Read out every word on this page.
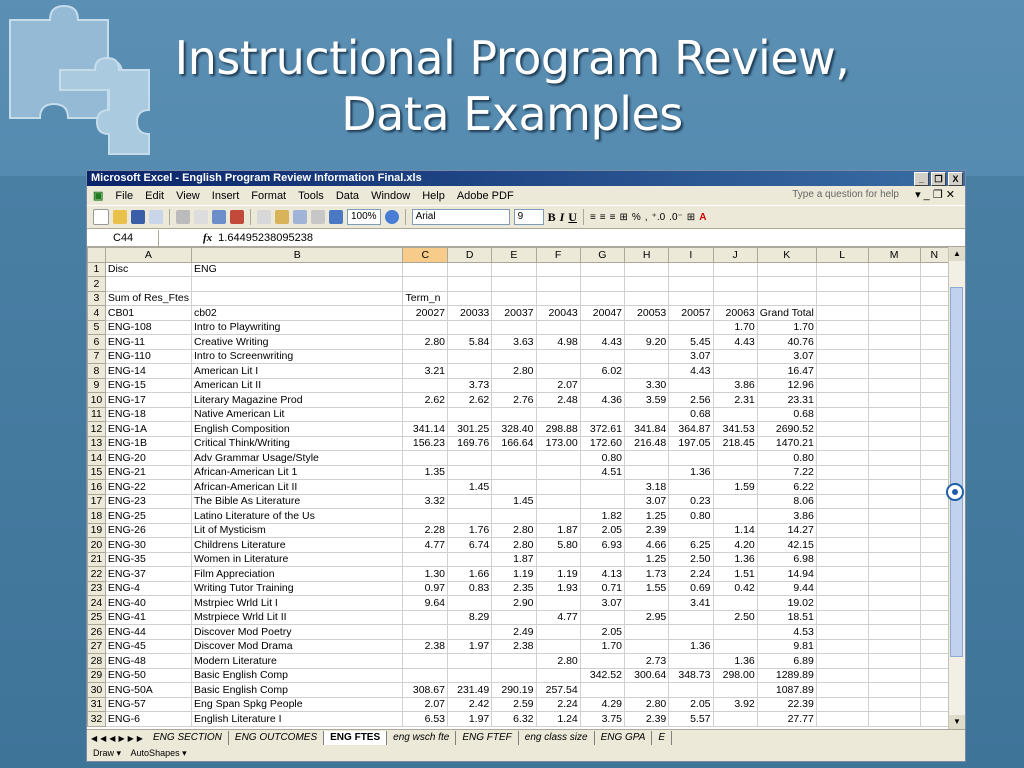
Instructional Program Review,
Data Examples
Microsoft Excel - English Program Review Information Final.xls	_	❐	X
▣	File	Edit	View	Insert	Format	Tools	Data	Window	Help	Adobe PDF	Type a question for help	▾ _ ❐ ✕
100%	Arial	9	B I U ≡ ≡ ≡ ⊞ % , ⁺.0 .0⁻ ⊞ A
C44	fx 1.64495238095238
	A	B	C	D	E	F	G	H	I	J	K	L	M	N
1	Disc	ENG												
2														
3	Sum of Res_Ftes		Term_n											
4	CB01	cb02	20027	20033	20037	20043	20047	20053	20057	20063	Grand Total			
5	ENG-108	Intro to Playwriting								1.70	1.70			
6	ENG-11	Creative Writing	2.80	5.84	3.63	4.98	4.43	9.20	5.45	4.43	40.76			
7	ENG-110	Intro to Screenwriting							3.07		3.07			
8	ENG-14	American Lit I	3.21		2.80		6.02		4.43		16.47			
9	ENG-15	American Lit II		3.73		2.07		3.30		3.86	12.96			
10	ENG-17	Literary Magazine Prod	2.62	2.62	2.76	2.48	4.36	3.59	2.56	2.31	23.31			
11	ENG-18	Native American Lit							0.68		0.68			
12	ENG-1A	English Composition	341.14	301.25	328.40	298.88	372.61	341.84	364.87	341.53	2690.52			
13	ENG-1B	Critical Think/Writing	156.23	169.76	166.64	173.00	172.60	216.48	197.05	218.45	1470.21			
14	ENG-20	Adv Grammar Usage/Style					0.80				0.80			
15	ENG-21	African-American Lit 1	1.35				4.51		1.36		7.22			
16	ENG-22	African-American Lit II		1.45				3.18		1.59	6.22			
17	ENG-23	The Bible As Literature	3.32		1.45			3.07	0.23		8.06			
18	ENG-25	Latino Literature of the Us					1.82	1.25	0.80		3.86			
19	ENG-26	Lit of Mysticism	2.28	1.76	2.80	1.87	2.05	2.39		1.14	14.27			
20	ENG-30	Childrens Literature	4.77	6.74	2.80	5.80	6.93	4.66	6.25	4.20	42.15			
21	ENG-35	Women in Literature			1.87			1.25	2.50	1.36	6.98			
22	ENG-37	Film Appreciation	1.30	1.66	1.19	1.19	4.13	1.73	2.24	1.51	14.94			
23	ENG-4	Writing Tutor Training	0.97	0.83	2.35	1.93	0.71	1.55	0.69	0.42	9.44			
24	ENG-40	Mstrpiec Wrld Lit I	9.64		2.90		3.07		3.41		19.02			
25	ENG-41	Mstrpiece Wrld Lit II		8.29		4.77		2.95		2.50	18.51			
26	ENG-44	Discover Mod Poetry			2.49		2.05				4.53			
27	ENG-45	Discover Mod Drama	2.38	1.97	2.38		1.70		1.36		9.81			
28	ENG-48	Modern Literature				2.80		2.73		1.36	6.89			
29	ENG-50	Basic English Comp					342.52	300.64	348.73	298.00	1289.89			
30	ENG-50A	Basic English Comp	308.67	231.49	290.19	257.54					1087.89			
31	ENG-57	Eng Span Spkg People	2.07	2.42	2.59	2.24	4.29	2.80	2.05	3.92	22.39			
32	ENG-6	English Literature I	6.53	1.97	6.32	1.24	3.75	2.39	5.57		27.77			
▲
▼
◀◀◀▶▶▶ ENG SECTION	ENG OUTCOMES	ENG FTES	eng wsch fte	ENG FTEF	eng class size	ENG GPA	E
Draw ▾ AutoShapes ▾
